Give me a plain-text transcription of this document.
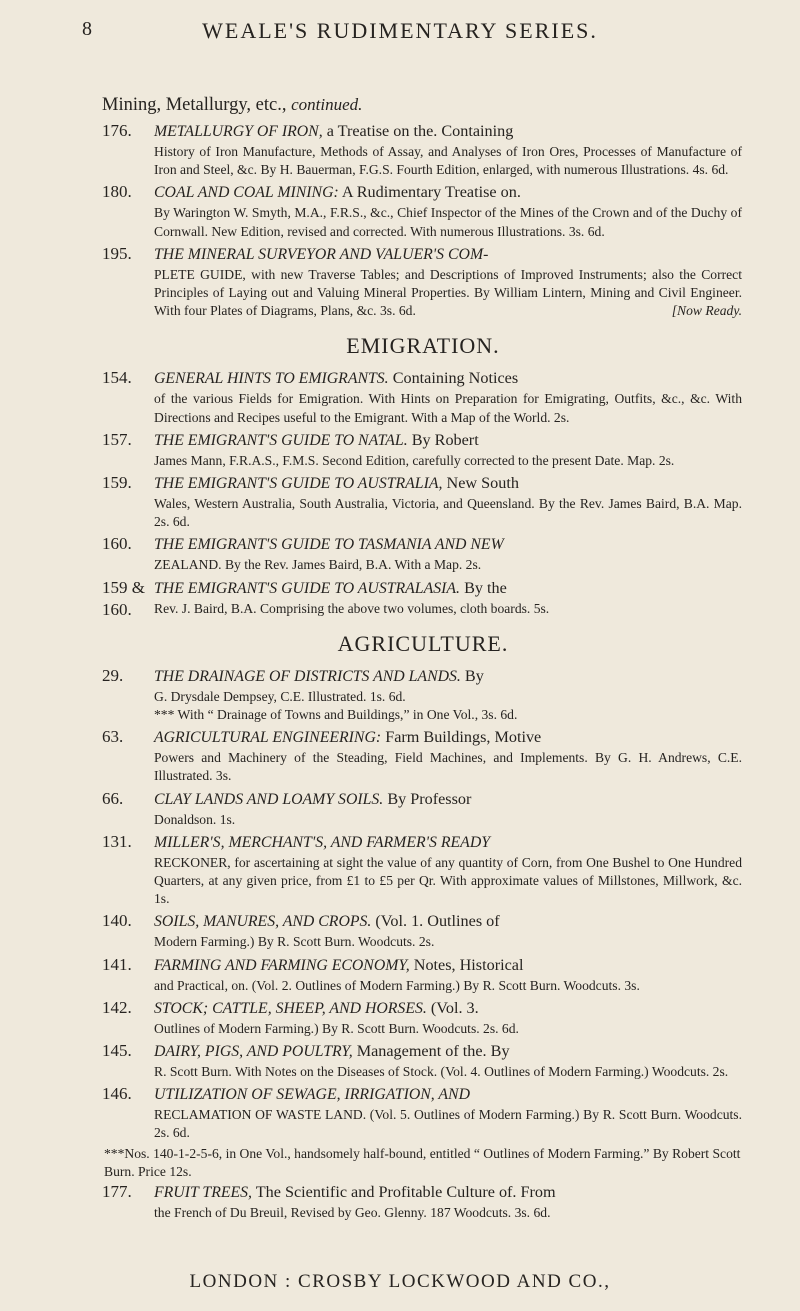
8	WEALE'S RUDIMENTARY SERIES.
Mining, Metallurgy, etc., continued.
176. METALLURGY OF IRON, a Treatise on the. Containing
History of Iron Manufacture, Methods of Assay, and Analyses of Iron Ores, Processes of Manufacture of Iron and Steel, &c. By H. Bauerman, F.G.S. Fourth Edition, enlarged, with numerous Illustrations. 4s. 6d.
180. COAL AND COAL MINING: A Rudimentary Treatise on.
By Warington W. Smyth, M.A., F.R.S., &c., Chief Inspector of the Mines of the Crown and of the Duchy of Cornwall. New Edition, revised and corrected. With numerous Illustrations. 3s. 6d.
195. THE MINERAL SURVEYOR AND VALUER'S COM-
PLETE GUIDE, with new Traverse Tables; and Descriptions of Improved Instruments; also the Correct Principles of Laying out and Valuing Mineral Properties. By William Lintern, Mining and Civil Engineer. With four Plates of Diagrams, Plans, &c. 3s. 6d.	[Now Ready.
EMIGRATION.
154. GENERAL HINTS TO EMIGRANTS. Containing Notices
of the various Fields for Emigration. With Hints on Preparation for Emigrating, Outfits, &c., &c. With Directions and Recipes useful to the Emigrant. With a Map of the World. 2s.
157. THE EMIGRANT'S GUIDE TO NATAL. By Robert
James Mann, F.R.A.S., F.M.S. Second Edition, carefully corrected to the present Date. Map. 2s.
159. THE EMIGRANT'S GUIDE TO AUSTRALIA, New South
Wales, Western Australia, South Australia, Victoria, and Queensland. By the Rev. James Baird, B.A. Map. 2s. 6d.
160. THE EMIGRANT'S GUIDE TO TASMANIA AND NEW
ZEALAND. By the Rev. James Baird, B.A. With a Map. 2s.
159 &
160.
THE EMIGRANT'S GUIDE TO AUSTRALASIA. By the
Rev. J. Baird, B.A. Comprising the above two volumes, cloth boards. 5s.
AGRICULTURE.
29. THE DRAINAGE OF DISTRICTS AND LANDS. By
G. Drysdale Dempsey, C.E. Illustrated. 1s. 6d.
*** With “ Drainage of Towns and Buildings,” in One Vol., 3s. 6d.
63. AGRICULTURAL ENGINEERING: Farm Buildings, Motive
Powers and Machinery of the Steading, Field Machines, and Implements. By G. H. Andrews, C.E. Illustrated. 3s.
66. CLAY LANDS AND LOAMY SOILS. By Professor
Donaldson. 1s.
131. MILLER'S, MERCHANT'S, AND FARMER'S READY
RECKONER, for ascertaining at sight the value of any quantity of Corn, from One Bushel to One Hundred Quarters, at any given price, from £1 to £5 per Qr. With approximate values of Millstones, Millwork, &c. 1s.
140. SOILS, MANURES, AND CROPS. (Vol. 1. Outlines of
Modern Farming.) By R. Scott Burn. Woodcuts. 2s.
141. FARMING AND FARMING ECONOMY, Notes, Historical
and Practical, on. (Vol. 2. Outlines of Modern Farming.) By R. Scott Burn. Woodcuts. 3s.
142. STOCK; CATTLE, SHEEP, AND HORSES. (Vol. 3.
Outlines of Modern Farming.) By R. Scott Burn. Woodcuts. 2s. 6d.
145. DAIRY, PIGS, AND POULTRY, Management of the. By
R. Scott Burn. With Notes on the Diseases of Stock. (Vol. 4. Outlines of Modern Farming.) Woodcuts. 2s.
146. UTILIZATION OF SEWAGE, IRRIGATION, AND
RECLAMATION OF WASTE LAND. (Vol. 5. Outlines of Modern Farming.) By R. Scott Burn. Woodcuts. 2s. 6d.
***Nos. 140-1-2-5-6, in One Vol., handsomely half-bound, entitled “ Outlines of Modern Farming.” By Robert Scott Burn. Price 12s.
177. FRUIT TREES, The Scientific and Profitable Culture of. From
the French of Du Breuil, Revised by Geo. Glenny. 187 Woodcuts. 3s. 6d.
LONDON : CROSBY LOCKWOOD AND CO.,
